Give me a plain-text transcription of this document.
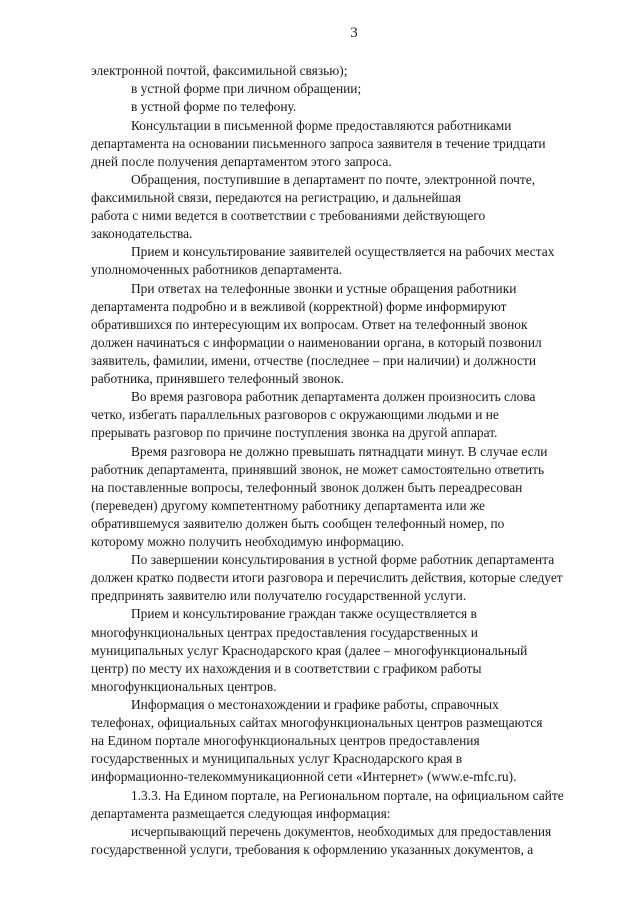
3
электронной почтой, факсимильной связью);
в устной форме при личном обращении;
в устной форме по телефону.
Консультации в письменной форме предоставляются работниками
департамента на основании письменного запроса заявителя в течение тридцати
дней после получения департаментом этого запроса.
Обращения, поступившие в департамент по почте, электронной почте,
факсимильной связи, передаются на регистрацию, и дальнейшая
работа с ними ведется в соответствии с требованиями действующего
законодательства.
Прием и консультирование заявителей осуществляется на рабочих местах
уполномоченных работников департамента.
При ответах на телефонные звонки и устные обращения работники
департамента подробно и в вежливой (корректной) форме информируют
обратившихся по интересующим их вопросам. Ответ на телефонный звонок
должен начинаться с информации о наименовании органа, в который позвонил
заявитель, фамилии, имени, отчестве (последнее – при наличии) и должности
работника, принявшего телефонный звонок.
Во время разговора работник департамента должен произносить слова
четко, избегать параллельных разговоров с окружающими людьми и не
прерывать разговор по причине поступления звонка на другой аппарат.
Время разговора не должно превышать пятнадцати минут. В случае если
работник департамента, принявший звонок, не может самостоятельно ответить
на поставленные вопросы, телефонный звонок должен быть переадресован
(переведен) другому компетентному работнику департамента или же
обратившемуся заявителю должен быть сообщен телефонный номер, по
которому можно получить необходимую информацию.
По завершении консультирования в устной форме работник департамента
должен кратко подвести итоги разговора и перечислить действия, которые следует
предпринять заявителю или получателю государственной услуги.
Прием и консультирование граждан также осуществляется в
многофункциональных центрах предоставления государственных и
муниципальных услуг Краснодарского края (далее – многофункциональный
центр) по месту их нахождения и в соответствии с графиком работы
многофункциональных центров.
Информация о местонахождении и графике работы, справочных
телефонах, официальных сайтах многофункциональных центров размещаются
на Едином портале многофункциональных центров предоставления
государственных и муниципальных услуг Краснодарского края в
информационно-телекоммуникационной сети «Интернет» (www.e-mfc.ru).
1.3.3. На Едином портале, на Региональном портале, на официальном сайте
департамента размещается следующая информация:
исчерпывающий перечень документов, необходимых для предоставления
государственной услуги, требования к оформлению указанных документов, а
